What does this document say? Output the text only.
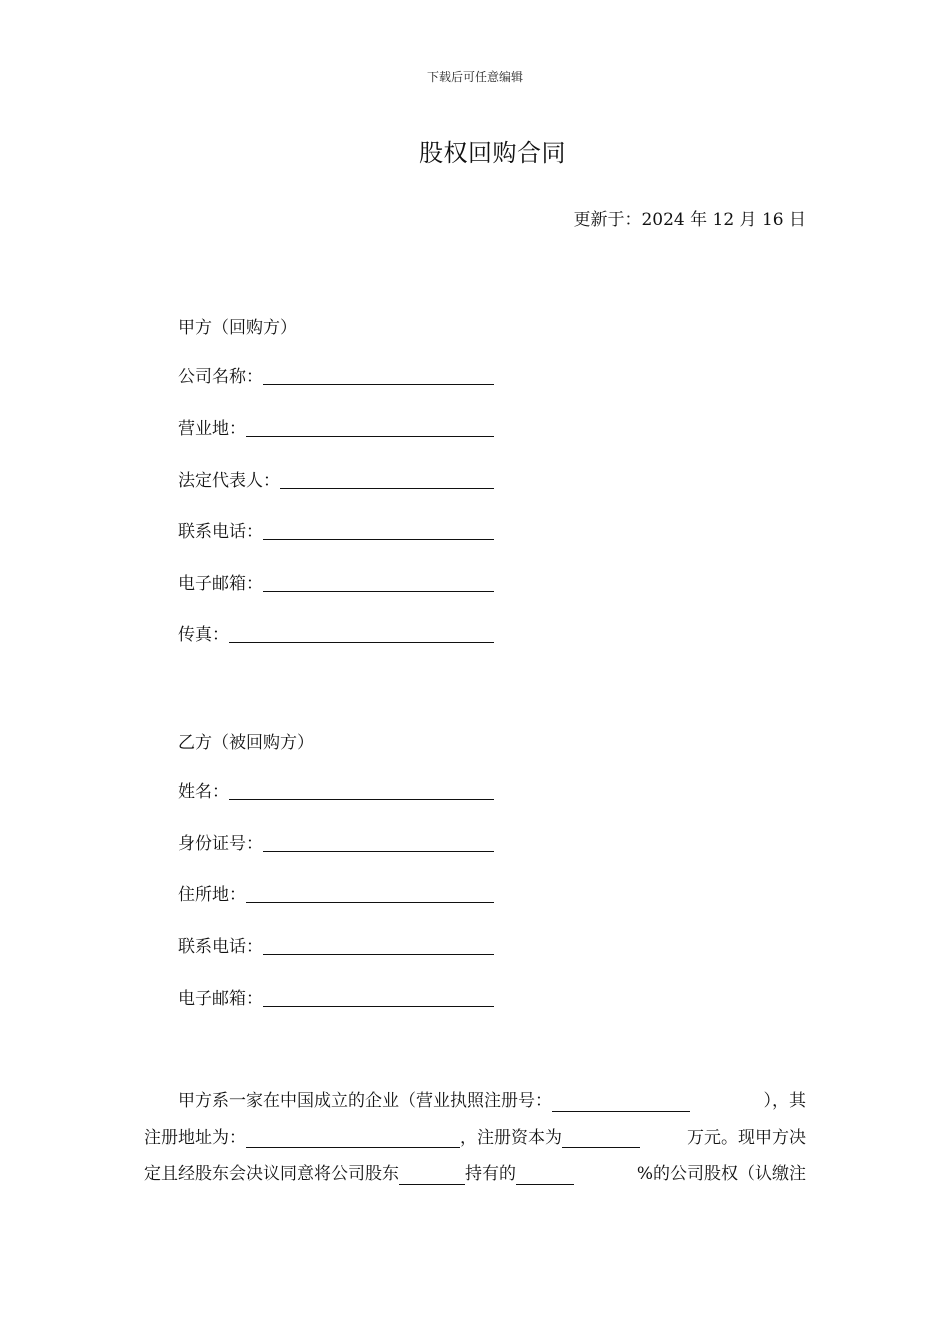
下载后可任意编辑
股权回购合同
更新于：2024 年 12 月 16 日
甲方（回购方）
公司名称：
营业地：
法定代表人：
联系电话：
电子邮箱：
传真：
乙方（被回购方）
姓名：
身份证号：
住所地：
联系电话：
电子邮箱：
甲方系一家在中国成立的企业（营业执照注册号：	），其
注册地址为：	，注册资本为	万元。现甲方决
定且经股东会决议同意将公司股东	持有的	%的公司股权（认缴注
